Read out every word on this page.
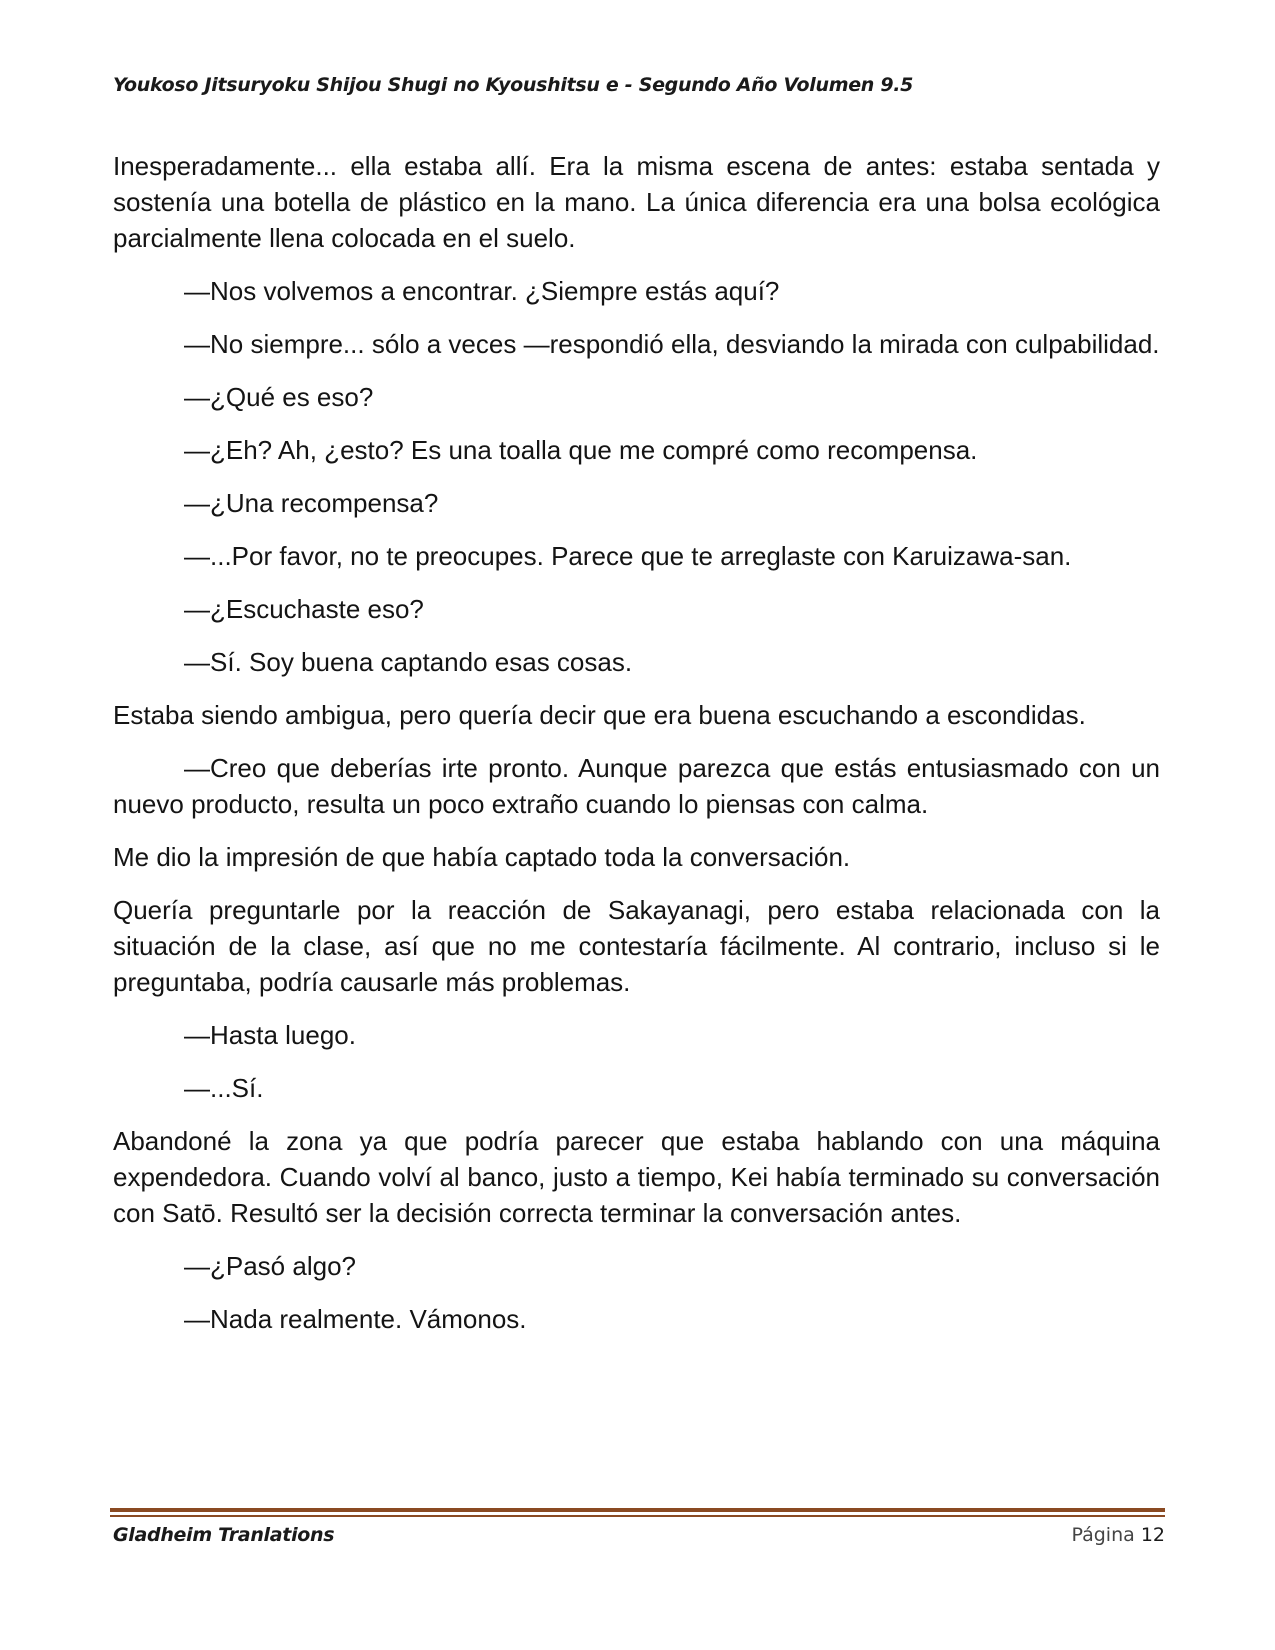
Youkoso Jitsuryoku Shijou Shugi no Kyoushitsu e - Segundo Año Volumen 9.5

Inesperadamente... ella estaba allí. Era la misma escena de antes: estaba sentada y sostenía una botella de plástico en la mano. La única diferencia era una bolsa ecológica parcialmente llena colocada en el suelo.

—Nos volvemos a encontrar. ¿Siempre estás aquí?

—No siempre... sólo a veces —respondió ella, desviando la mirada con culpabilidad.

—¿Qué es eso?

—¿Eh? Ah, ¿esto? Es una toalla que me compré como recompensa.

—¿Una recompensa?

—...Por favor, no te preocupes. Parece que te arreglaste con Karuizawa-san.

—¿Escuchaste eso?

—Sí. Soy buena captando esas cosas.

Estaba siendo ambigua, pero quería decir que era buena escuchando a escondidas.

—Creo que deberías irte pronto. Aunque parezca que estás entusiasmado con un nuevo producto, resulta un poco extraño cuando lo piensas con calma.

Me dio la impresión de que había captado toda la conversación.

Quería preguntarle por la reacción de Sakayanagi, pero estaba relacionada con la situación de la clase, así que no me contestaría fácilmente. Al contrario, incluso si le preguntaba, podría causarle más problemas.

—Hasta luego.

—...Sí.

Abandoné la zona ya que podría parecer que estaba hablando con una máquina expendedora. Cuando volví al banco, justo a tiempo, Kei había terminado su conversación con Satō. Resultó ser la decisión correcta terminar la conversación antes.

—¿Pasó algo?

—Nada realmente. Vámonos.

Gladheim Tranlations	Página 12
